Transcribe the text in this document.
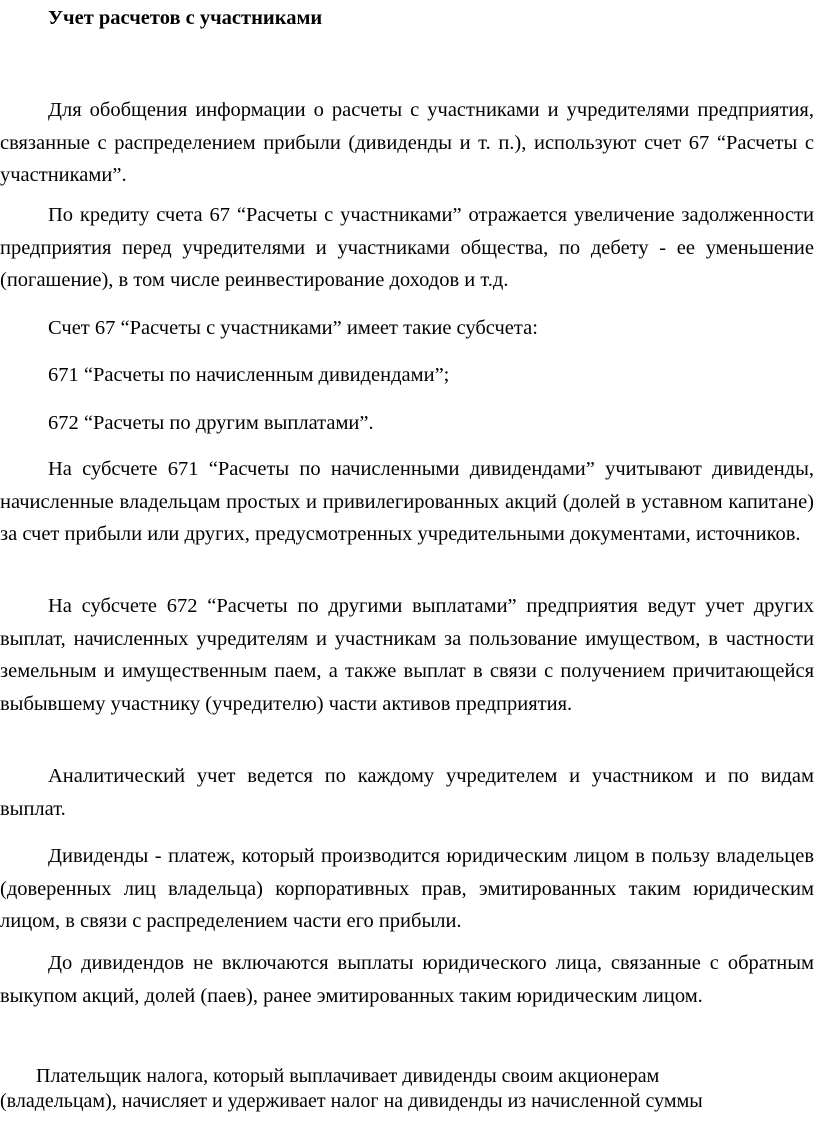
Учет расчетов с участниками

Для обобщения информации о расчеты с участниками и учредителями предприятия, связанные с распределением прибыли (дивиденды и т. п.), используют счет 67 “Расчеты с участниками”.

По кредиту счета 67 “Расчеты с участниками” отражается увеличение задолженности предприятия перед учредителями и участниками общества, по дебету - ее уменьшение (погашение), в том числе реинвестирование доходов и т.д.

Счет 67 “Расчеты с участниками” имеет такие субсчета:

671 “Расчеты по начисленным дивидендами”;

672 “Расчеты по другим выплатами”.

На субсчете 671 “Расчеты по начисленными дивидендами” учитывают дивиденды, начисленные владельцам простых и привилегированных акций (долей в уставном капитане) за счет прибыли или других, предусмотренных учредительными документами, источников.

На субсчете 672 “Расчеты по другими выплатами” предприятия ведут учет других выплат, начисленных учредителям и участникам за пользование имуществом, в частности земельным и имущественным паем, а также выплат в связи с получением причитающейся выбывшему участнику (учредителю) части активов предприятия.

Аналитический учет ведется по каждому учредителем и участником и по видам выплат.

Дивиденды - платеж, который производится юридическим лицом в пользу владельцев (доверенных лиц владельца) корпоративных прав, эмитированных таким юридическим лицом, в связи с распределением части его прибыли.

До дивидендов не включаются выплаты юридического лица, связанные с обратным выкупом акций, долей (паев), ранее эмитированных таким юридическим лицом.

Плательщик налога, который выплачивает дивиденды своим акционерам (владельцам), начисляет и удерживает налог на дивиденды из начисленной суммы
